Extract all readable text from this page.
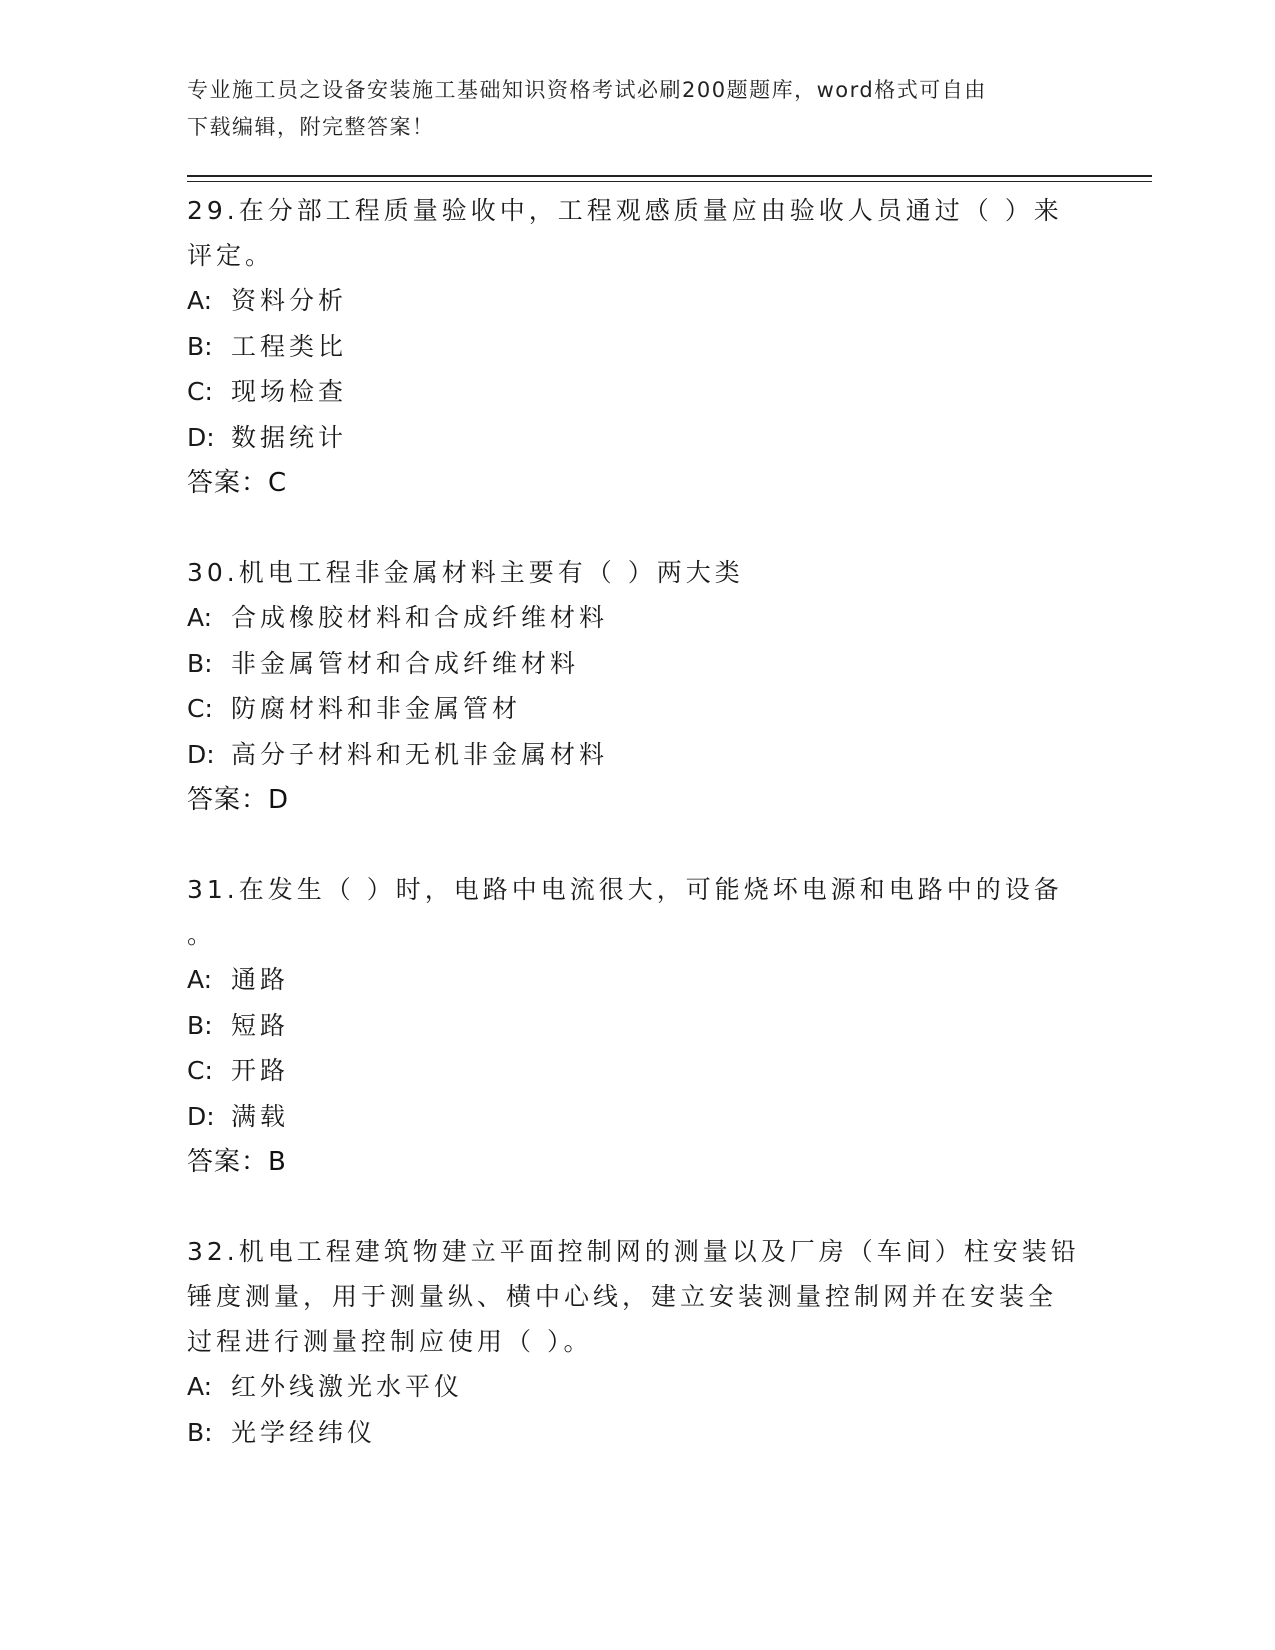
专业施工员之设备安装施工基础知识资格考试必刷200题题库，word格式可自由
下载编辑，附完整答案！
29.在分部工程质量验收中，工程观感质量应由验收人员通过（ ）来
评定。
A: 资料分析
B: 工程类比
C: 现场检查
D: 数据统计
答案：C
30.机电工程非金属材料主要有（ ）两大类
A: 合成橡胶材料和合成纤维材料
B: 非金属管材和合成纤维材料
C: 防腐材料和非金属管材
D: 高分子材料和无机非金属材料
答案：D
31.在发生（ ）时，电路中电流很大，可能烧坏电源和电路中的设备
。
A: 通路
B: 短路
C: 开路
D: 满载
答案：B
32.机电工程建筑物建立平面控制网的测量以及厂房（车间）柱安装铅
锤度测量，用于测量纵、横中心线，建立安装测量控制网并在安装全
过程进行测量控制应使用（ ）。
A: 红外线激光水平仪
B: 光学经纬仪
